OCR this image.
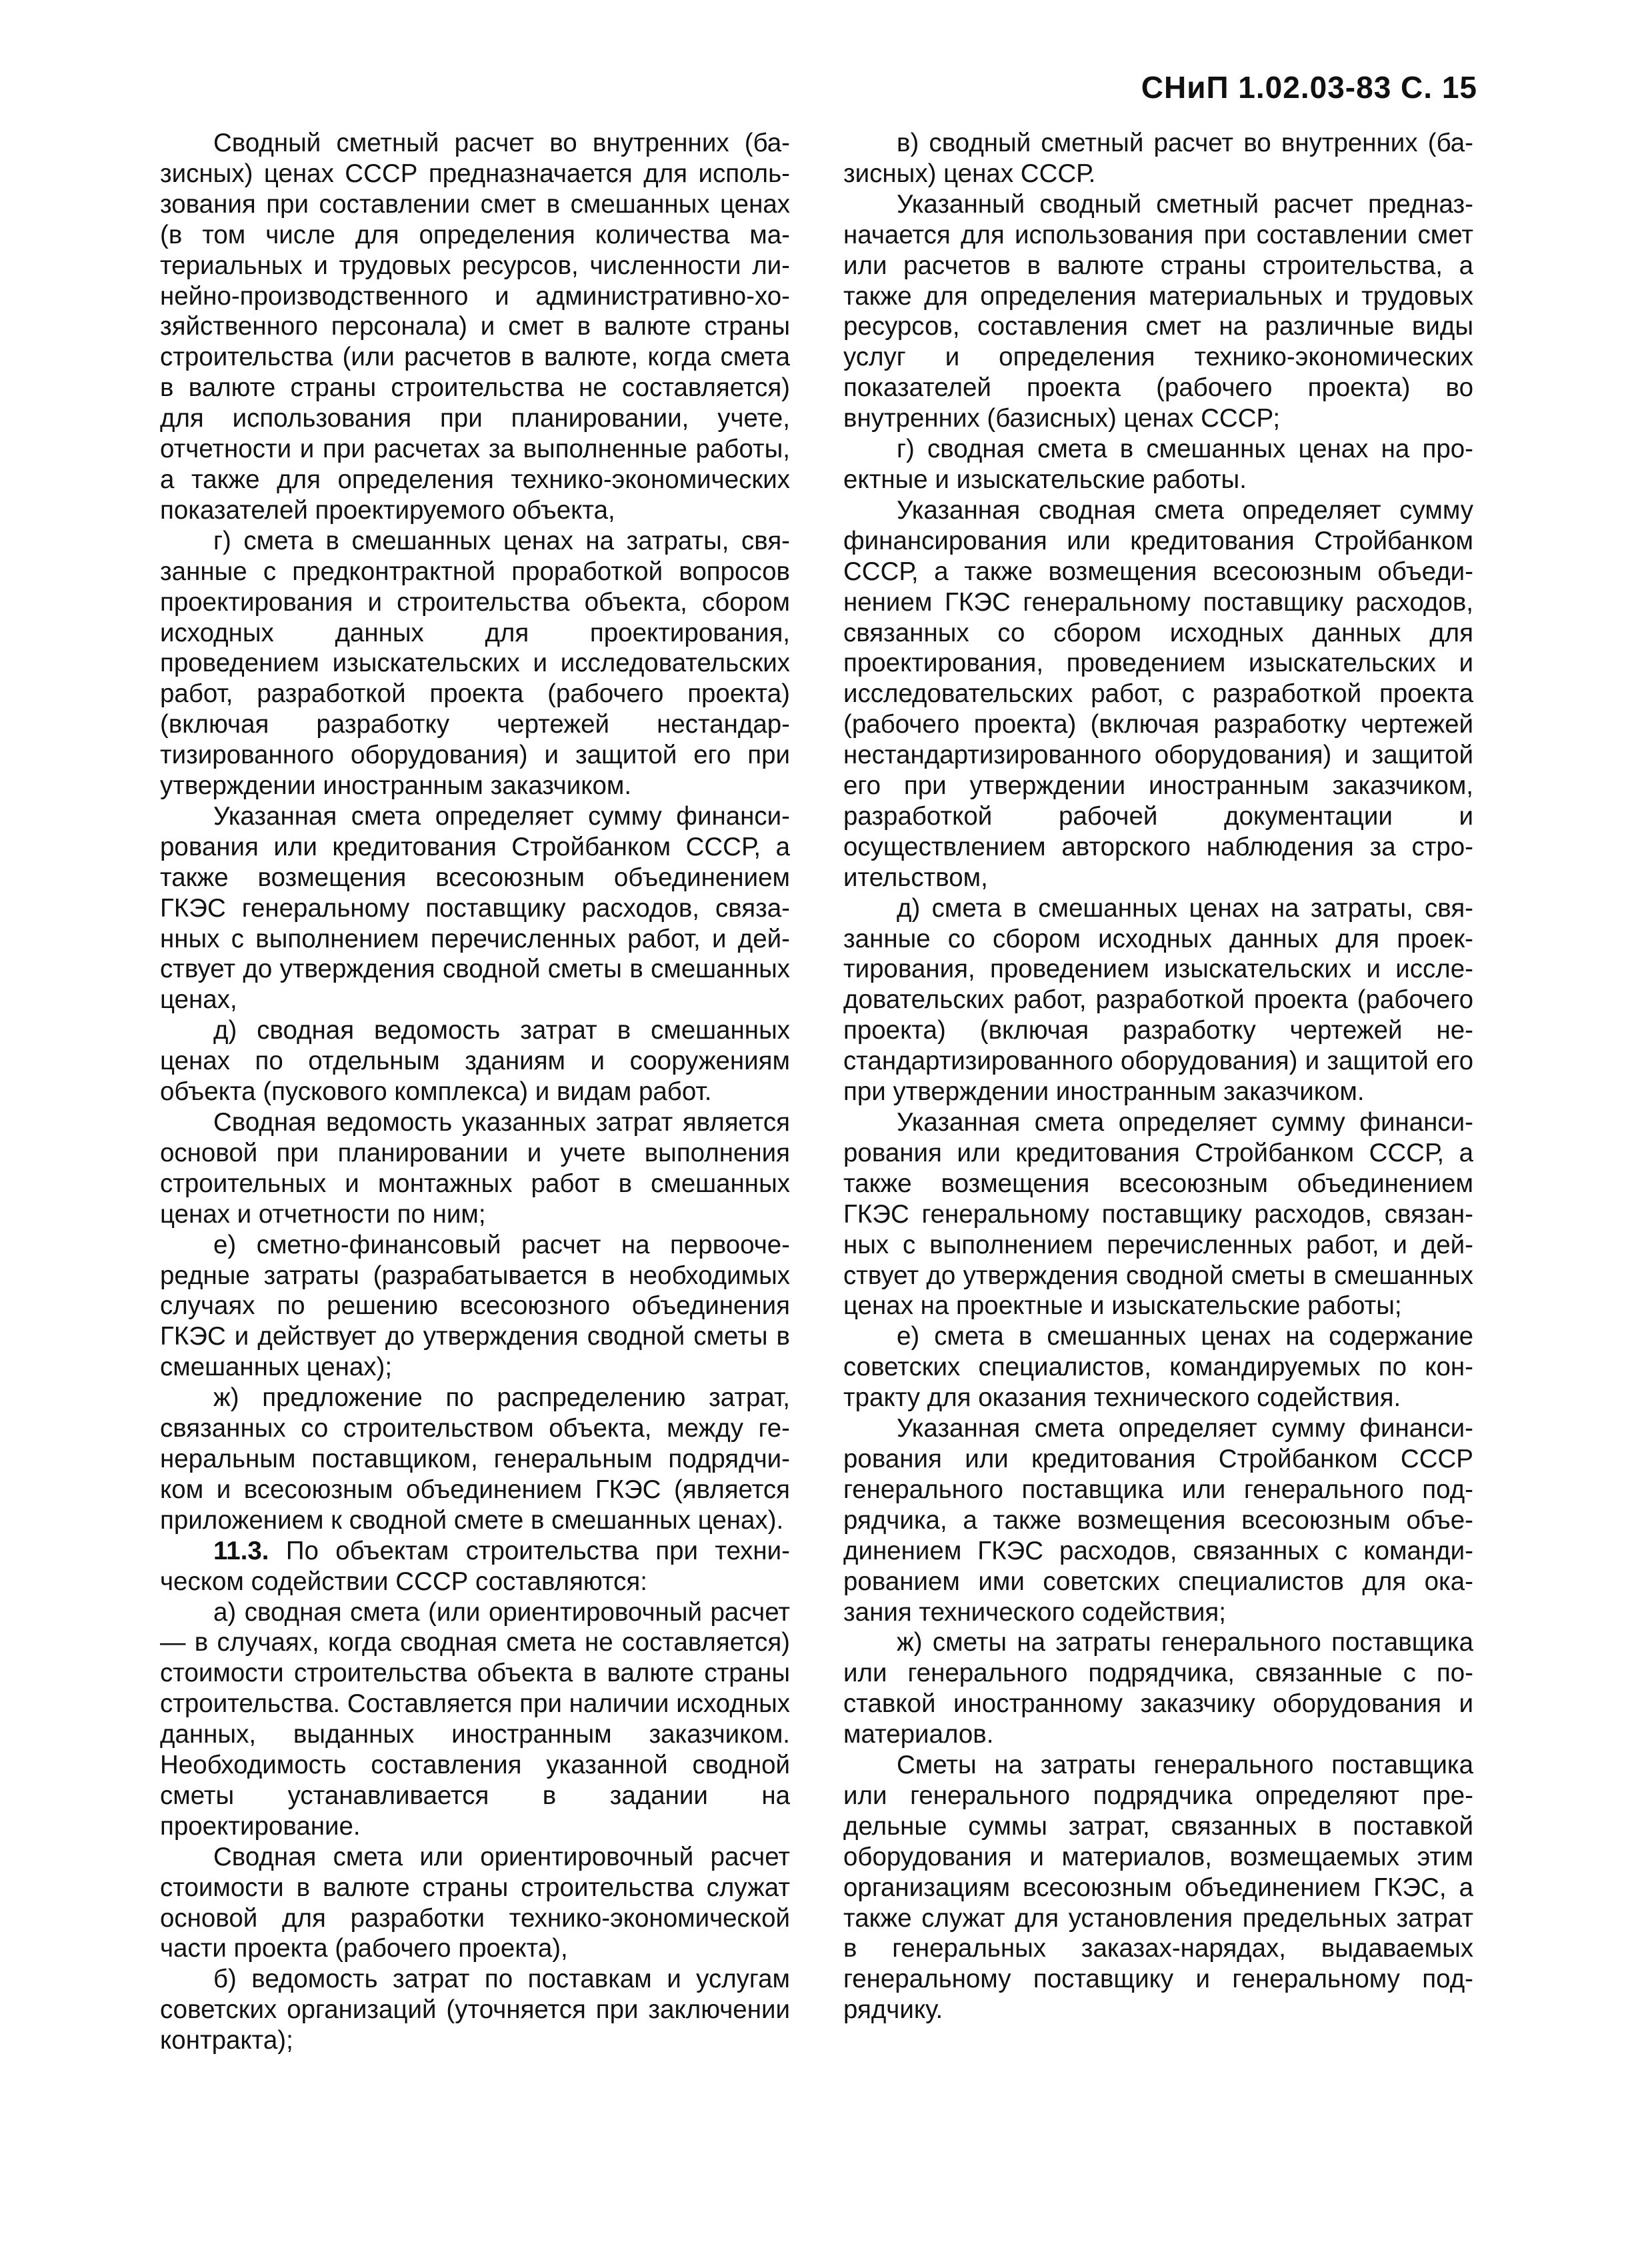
СНиП 1.02.03-83 С. 15

Сводный сметный расчет во внутренних (базисных) ценах СССР предназначается для использования при составлении смет в смешанных ценах (в том числе для определения количества материальных и трудовых ресурсов, численности линейно-производственного и административно-хозяйственного персонала) и смет в валюте страны строительства (или расчетов в валюте, когда смета в валюте страны строительства не составляется) для использования при планировании, учете, отчетности и при расчетах за выполненные работы, а также для определения технико-экономических показателей проектируемого объекта,

г) смета в смешанных ценах на затраты, связанные с предконтрактной проработкой вопросов проектирования и строительства объекта, сбором исходных данных для проектирования, проведением изыскательских и исследовательских работ, разработкой проекта (рабочего проекта) (включая разработку чертежей нестандартизированного оборудования) и защитой его при утверждении иностранным заказчиком.

Указанная смета определяет сумму финансирования или кредитования Стройбанком СССР, а также возмещения всесоюзным объединением ГКЭС генеральному поставщику расходов, связанных с выполнением перечисленных работ, и действует до утверждения сводной сметы в смешанных ценах,

д) сводная ведомость затрат в смешанных ценах по отдельным зданиям и сооружениям объекта (пускового комплекса) и видам работ.

Сводная ведомость указанных затрат является основой при планировании и учете выполнения строительных и монтажных работ в смешанных ценах и отчетности по ним;

е) сметно-финансовый расчет на первоочередные затраты (разрабатывается в необходимых случаях по решению всесоюзного объединения ГКЭС и действует до утверждения сводной сметы в смешанных ценах);

ж) предложение по распределению затрат, связанных со строительством объекта, между генеральным поставщиком, генеральным подрядчиком и всесоюзным объединением ГКЭС (является приложением к сводной смете в смешанных ценах).

11.3. По объектам строительства при техническом содействии СССР составляются:

а) сводная смета (или ориентировочный расчет — в случаях, когда сводная смета не составляется) стоимости строительства объекта в валюте страны строительства. Составляется при наличии исходных данных, выданных иностранным заказчиком. Необходимость составления указанной сводной сметы устанавливается в задании на проектирование.

Сводная смета или ориентировочный расчет стоимости в валюте страны строительства служат основой для разработки технико-экономической части проекта (рабочего проекта),

б) ведомость затрат по поставкам и услугам советских организаций (уточняется при заключении контракта);

в) сводный сметный расчет во внутренних (базисных) ценах СССР.

Указанный сводный сметный расчет предназначается для использования при составлении смет или расчетов в валюте страны строительства, а также для определения материальных и трудовых ресурсов, составления смет на различные виды услуг и определения технико-экономических показателей проекта (рабочего проекта) во внутренних (базисных) ценах СССР;

г) сводная смета в смешанных ценах на проектные и изыскательские работы.

Указанная сводная смета определяет сумму финансирования или кредитования Стройбанком СССР, а также возмещения всесоюзным объединением ГКЭС генеральному поставщику расходов, связанных со сбором исходных данных для проектирования, проведением изыскательских и исследовательских работ, с разработкой проекта (рабочего проекта) (включая разработку чертежей нестандартизированного оборудования) и защитой его при утверждении иностранным заказчиком, разработкой рабочей документации и осуществлением авторского наблюдения за строительством,

д) смета в смешанных ценах на затраты, связанные со сбором исходных данных для проектирования, проведением изыскательских и исследовательских работ, разработкой проекта (рабочего проекта) (включая разработку чертежей нестандартизированного оборудования) и защитой его при утверждении иностранным заказчиком.

Указанная смета определяет сумму финансирования или кредитования Стройбанком СССР, а также возмещения всесоюзным объединением ГКЭС генеральному поставщику расходов, связанных с выполнением перечисленных работ, и действует до утверждения сводной сметы в смешанных ценах на проектные и изыскательские работы;

е) смета в смешанных ценах на содержание советских специалистов, командируемых по контракту для оказания технического содействия.

Указанная смета определяет сумму финансирования или кредитования Стройбанком СССР генерального поставщика или генерального подрядчика, а также возмещения всесоюзным объединением ГКЭС расходов, связанных с командированием ими советских специалистов для оказания технического содействия;

ж) сметы на затраты генерального поставщика или генерального подрядчика, связанные с поставкой иностранному заказчику оборудования и материалов.

Сметы на затраты генерального поставщика или генерального подрядчика определяют предельные суммы затрат, связанных в поставкой оборудования и материалов, возмещаемых этим организациям всесоюзным объединением ГКЭС, а также служат для установления предельных затрат в генеральных заказах-нарядах, выдаваемых генеральному поставщику и генеральному подрядчику.
